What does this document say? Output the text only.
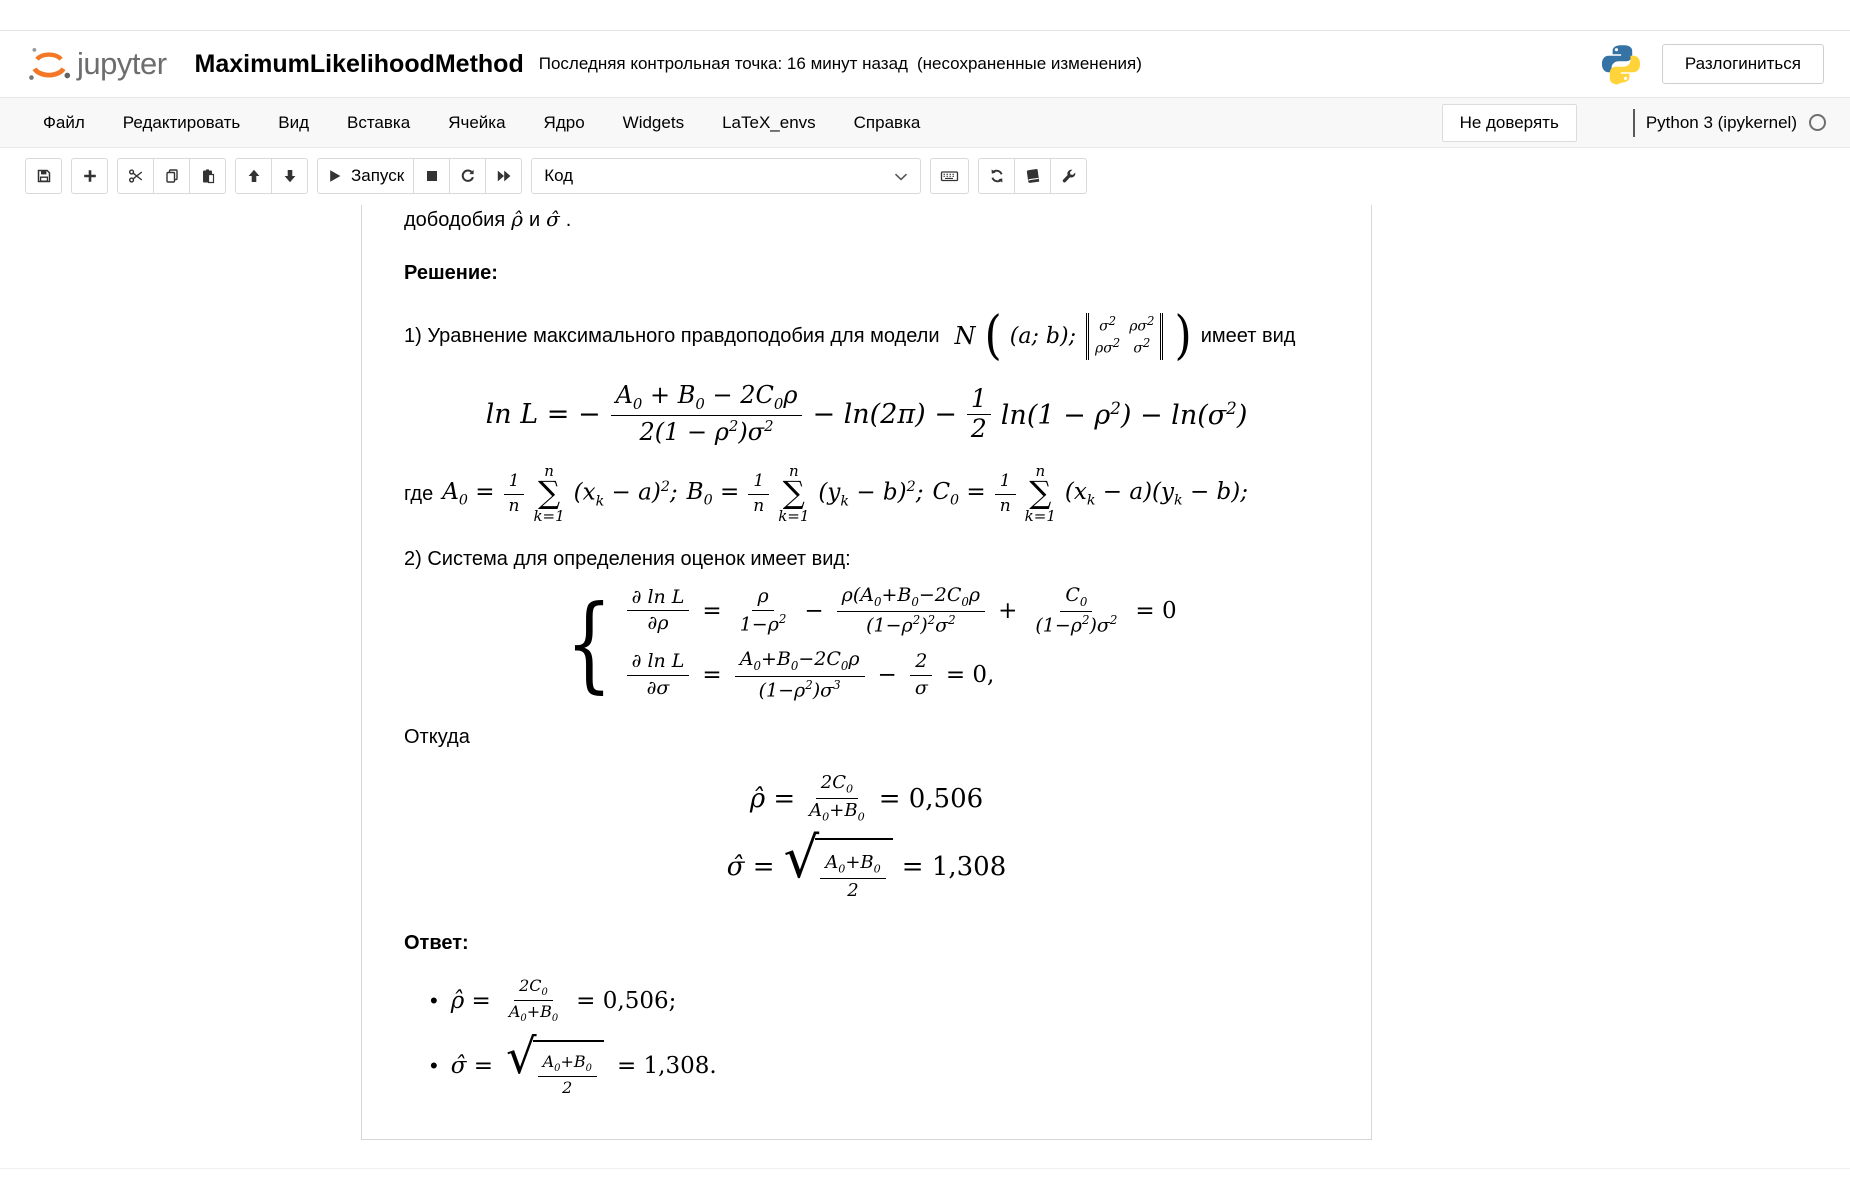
jupyter MaximumLikelihoodMethod Последняя контрольная точка: 16 минут назад (несохраненные изменения)	Разлогиниться
Файл	Редактировать	Вид	Вставка	Ячейка	Ядро	Widgets	LaTeX_envs	Справка	Не доверять	Python 3 (ipykernel)
Запуск	Код
дободобия ρ̂ и σ̂ .
Решение:
1) Уравнение максимального правдоподобия для модели N ( (a; b); $\sigma^2$ $\rho\sigma^2$
$\rho\sigma^2$ $\sigma^2$ ) имеет вид
ln L = − $\frac{A_0 + B_0 - 2C_0\rho}{2(1 - \rho^2)\sigma^2} - \ln(2\pi) - \frac{1}{2} \ln(1 - \rho^2) - \ln(\sigma^2)$
где $A_0 = \frac{1}{n}$
n
∑
k=1
$(x_k - a)^2$; $B_0 = \frac{1}{n}$
n
∑
k=1
$(y_k - b)^2$; $C_0 = \frac{1}{n}$
n
∑
k=1
$(x_k - a)(y_k - b)$;
2) Система для определения оценок имеет вид:
{ $\frac{\text{∂ ln L}}{\partial\rho} = \frac{\rho}{1-\rho^2} - \frac{\rho(A_0+B_0-2C_0\rho}{(1-\rho^2)^2\sigma^2} + \frac{C_0}{(1-\rho^2)\sigma^2} = 0$
$\frac{\text{∂ ln L}}{\partial\sigma} = \frac{A_0+B_0-2C_0\rho}{(1-\rho^2)\sigma^3} - \frac{2}{\sigma} = 0$,
Откуда
ρ̂ = $\frac{2C_0}{A_0+B_0} = 0,506$
σ̂ = √ $\frac{A_0+B_0}{2} = 1,308$
Ответ:
• ρ̂ = $\frac{2C_0}{A_0+B_0} = 0,506$;
• σ̂ = √ $\frac{A_0+B_0}{2} = 1,308$.
